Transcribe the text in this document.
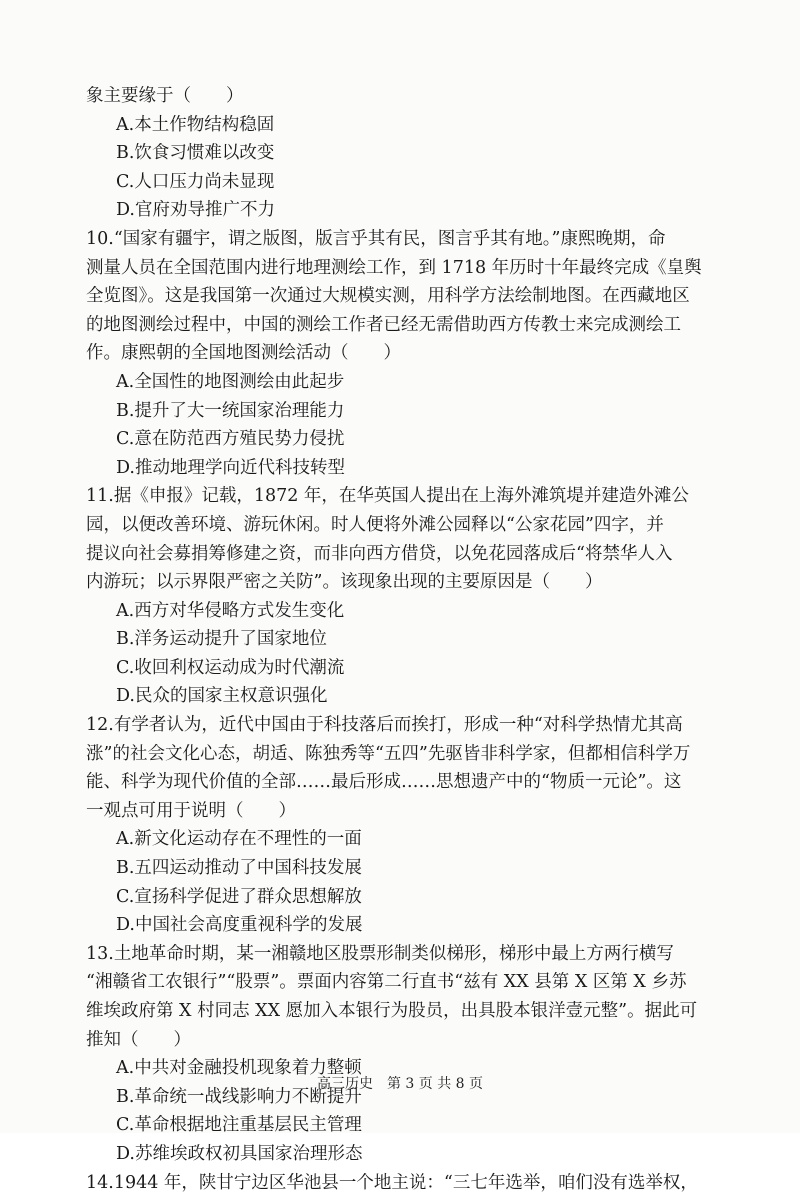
象主要缘于（　　）
A.本土作物结构稳固
B.饮食习惯难以改变
C.人口压力尚未显现
D.官府劝导推广不力
10.“国家有疆宇，谓之版图，版言乎其有民，图言乎其有地。”康熙晚期，命
测量人员在全国范围内进行地理测绘工作，到 1718 年历时十年最终完成《皇舆
全览图》。这是我国第一次通过大规模实测，用科学方法绘制地图。在西藏地区
的地图测绘过程中，中国的测绘工作者已经无需借助西方传教士来完成测绘工
作。康熙朝的全国地图测绘活动（　　）
A.全国性的地图测绘由此起步
B.提升了大一统国家治理能力
C.意在防范西方殖民势力侵扰
D.推动地理学向近代科技转型
11.据《申报》记载，1872 年，在华英国人提出在上海外滩筑堤并建造外滩公
园，以便改善环境、游玩休闲。时人便将外滩公园释以“公家花园”四字，并
提议向社会募捐筹修建之资，而非向西方借贷，以免花园落成后“将禁华人入
内游玩；以示界限严密之关防”。该现象出现的主要原因是（　　）
A.西方对华侵略方式发生变化
B.洋务运动提升了国家地位
C.收回利权运动成为时代潮流
D.民众的国家主权意识强化
12.有学者认为，近代中国由于科技落后而挨打，形成一种“对科学热情尤其高
涨”的社会文化心态，胡适、陈独秀等“五四”先驱皆非科学家，但都相信科学万
能、科学为现代价值的全部……最后形成……思想遗产中的“物质一元论”。这
一观点可用于说明（　　）
A.新文化运动存在不理性的一面
B.五四运动推动了中国科技发展
C.宣扬科学促进了群众思想解放
D.中国社会高度重视科学的发展
13.土地革命时期，某一湘赣地区股票形制类似梯形，梯形中最上方两行横写
“湘赣省工农银行”“股票”。票面内容第二行直书“兹有 XX 县第 X 区第 X 乡苏
维埃政府第 X 村同志 XX 愿加入本银行为股员，出具股本银洋壹元整”。据此可
推知（　　）
A.中共对金融投机现象着力整顿
B.革命统一战线影响力不断提升
C.革命根据地注重基层民主管理
D.苏维埃政权初具国家治理形态
14.1944 年，陕甘宁边区华池县一个地主说：“三七年选举，咱们没有选举权，
高三历史　第 3 页 共 8 页
